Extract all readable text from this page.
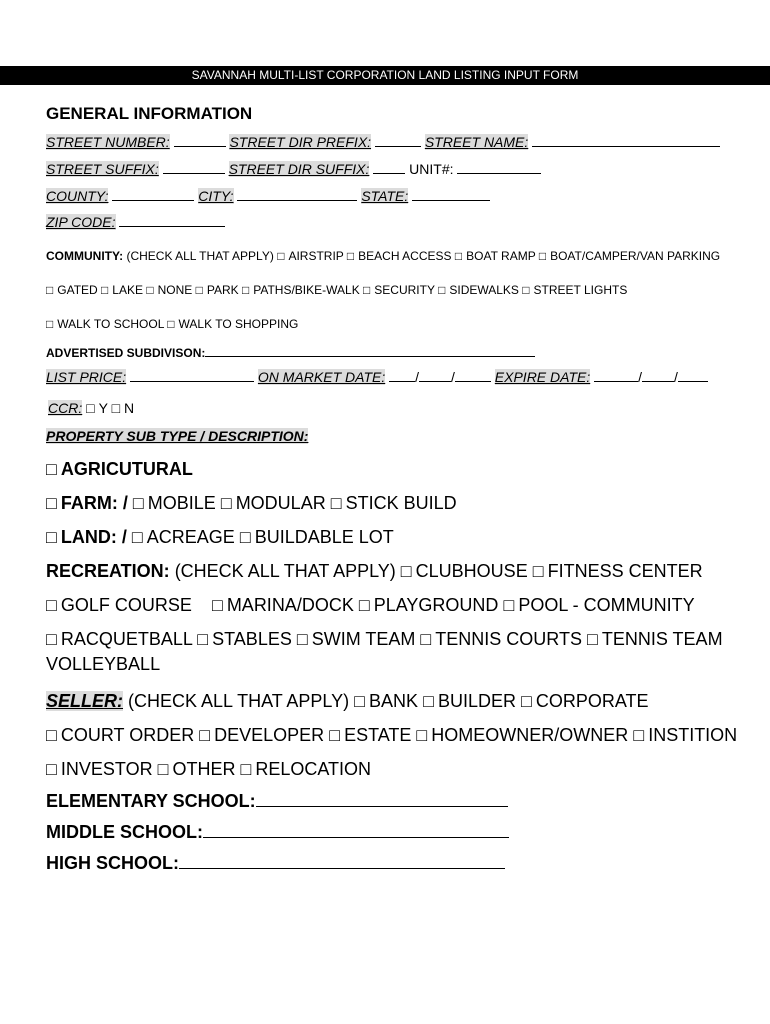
SAVANNAH MULTI-LIST CORPORATION LAND LISTING INPUT FORM
GENERAL INFORMATION
STREET NUMBER:	STREET DIR PREFIX:	STREET NAME:
STREET SUFFIX:	STREET DIR SUFFIX:	UNIT#:
COUNTY:	CITY:	STATE:
ZIP CODE:
COMMUNITY: (CHECK ALL THAT APPLY) □ AIRSTRIP □ BEACH ACCESS □ BOAT RAMP □ BOAT/CAMPER/VAN PARKING
□ GATED □ LAKE □ NONE □ PARK □ PATHS/BIKE-WALK □ SECURITY □ SIDEWALKS □ STREET LIGHTS
□ WALK TO SCHOOL □ WALK TO SHOPPING
ADVERTISED SUBDIVISON:
LIST PRICE:	ON MARKET DATE: / /	EXPIRE DATE:	/ /
CCR: □ Y □ N
PROPERTY SUB TYPE / DESCRIPTION:
□ AGRICUTURAL
□ FARM: / □ MOBILE □ MODULAR □ STICK BUILD
□ LAND: / □ ACREAGE □ BUILDABLE LOT
RECREATION: (CHECK ALL THAT APPLY) □ CLUBHOUSE □ FITNESS CENTER
□ GOLF COURSE □ MARINA/DOCK □ PLAYGROUND □ POOL - COMMUNITY
□ RACQUETBALL □ STABLES □ SWIM TEAM □ TENNIS COURTS □ TENNIS TEAM
VOLLEYBALL
SELLER: (CHECK ALL THAT APPLY) □ BANK □ BUILDER □ CORPORATE
□ COURT ORDER □ DEVELOPER □ ESTATE □ HOMEOWNER/OWNER □ INSTITION
□ INVESTOR □ OTHER □ RELOCATION
ELEMENTARY SCHOOL:
MIDDLE SCHOOL:
HIGH SCHOOL:
